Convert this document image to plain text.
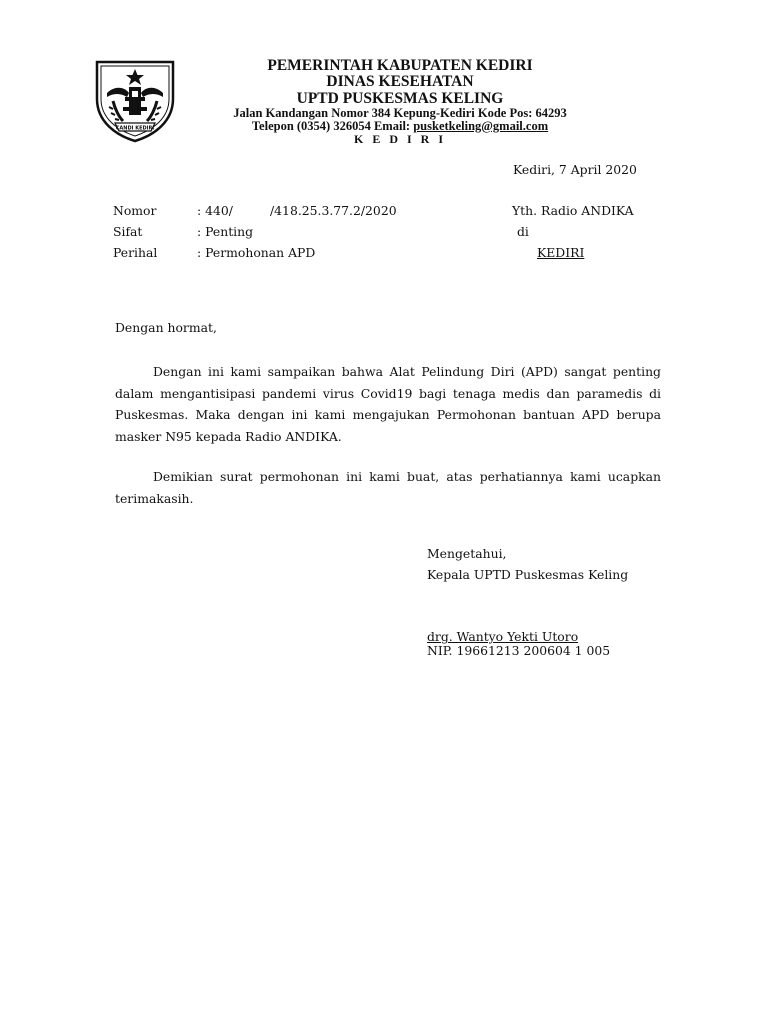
CANDI KEDIRI
PEMERINTAH KABUPATEN KEDIRI
DINAS KESEHATAN
UPTD PUSKESMAS KELING
Jalan Kandangan Nomor 384 Kepung-Kediri Kode Pos: 64293
Telepon (0354) 326054 Email: pusketkeling@gmail.com
K E D I R I
Kediri, 7 April 2020
Nomor	: 440/	/418.25.3.77.2/2020
Sifat	: Penting
Perihal	: Permohonan APD
Yth. Radio ANDIKA
di
KEDIRI
Dengan hormat,
Dengan ini kami sampaikan bahwa Alat Pelindung Diri (APD) sangat penting dalam mengantisipasi pandemi virus Covid19 bagi tenaga medis dan paramedis di Puskesmas. Maka dengan ini kami mengajukan Permohonan bantuan APD berupa masker N95 kepada Radio ANDIKA.
Demikian surat permohonan ini kami buat, atas perhatiannya kami ucapkan terimakasih.
Mengetahui,
Kepala UPTD Puskesmas Keling
drg. Wantyo Yekti Utoro
NIP. 19661213 200604 1 005
